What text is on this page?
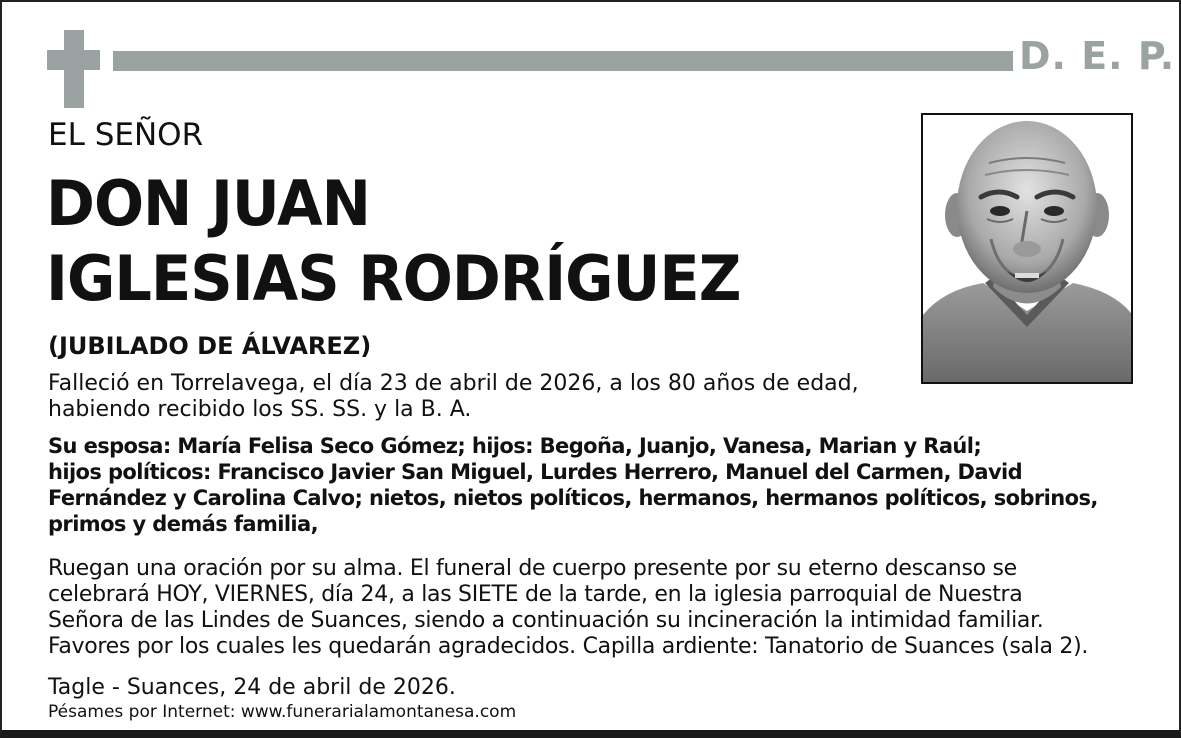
D. E. P.
EL SEÑOR
DON JUAN
IGLESIAS RODRÍGUEZ
(JUBILADO DE ÁLVAREZ)
Falleció en Torrelavega, el día 23 de abril de 2026, a los 80 años de edad,
habiendo recibido los SS. SS. y la B. A.
Su esposa: María Felisa Seco Gómez; hijos: Begoña, Juanjo, Vanesa, Marian y Raúl;
hijos políticos: Francisco Javier San Miguel, Lurdes Herrero, Manuel del Carmen, David
Fernández y Carolina Calvo; nietos, nietos políticos, hermanos, hermanos políticos, sobrinos,
primos y demás familia,
Ruegan una oración por su alma. El funeral de cuerpo presente por su eterno descanso se
celebrará HOY, VIERNES, día 24, a las SIETE de la tarde, en la iglesia parroquial de Nuestra
Señora de las Lindes de Suances, siendo a continuación su incineración la intimidad familiar.
Favores por los cuales les quedarán agradecidos. Capilla ardiente: Tanatorio de Suances (sala 2).
Tagle - Suances, 24 de abril de 2026.
Pésames por Internet: www.funerarialamontanesa.com
